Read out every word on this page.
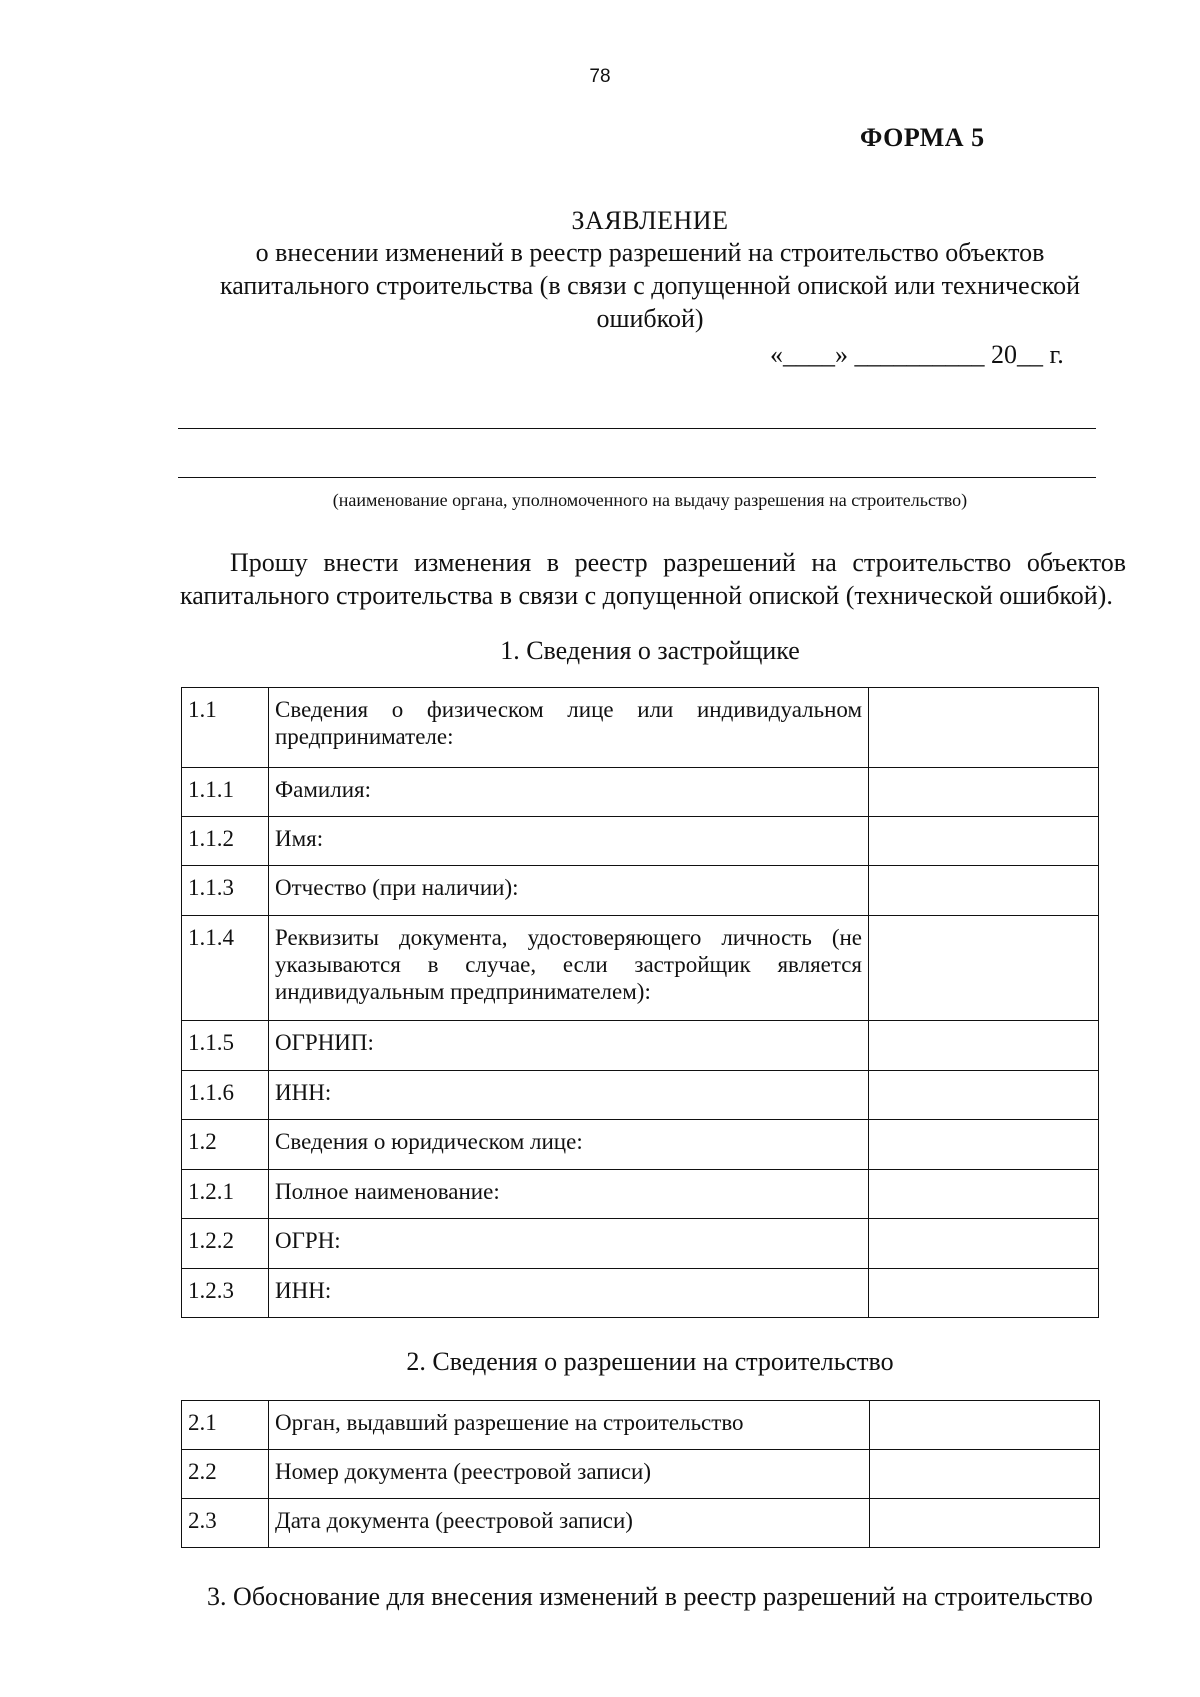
78
ФОРМА 5
ЗАЯВЛЕНИЕ
о внесении изменений в реестр разрешений на строительство объектов капитального строительства (в связи с допущенной опиской или технической ошибкой)
«____» __________ 20__ г.
(наименование органа, уполномоченного на выдачу разрешения на строительство)
Прошу внести изменения в реестр разрешений на строительство объектов капитального строительства в связи с допущенной опиской (технической ошибкой).
1. Сведения о застройщике
1.1	Сведения о физическом лице или индивидуальном предпринимателе:	
1.1.1	Фамилия:	
1.1.2	Имя:	
1.1.3	Отчество (при наличии):	
1.1.4	Реквизиты документа, удостоверяющего личность (не указываются в случае, если застройщик является индивидуальным предпринимателем):	
1.1.5	ОГРНИП:	
1.1.6	ИНН:	
1.2	Сведения о юридическом лице:	
1.2.1	Полное наименование:	
1.2.2	ОГРН:	
1.2.3	ИНН:	
2. Сведения о разрешении на строительство
2.1	Орган, выдавший разрешение на строительство	
2.2	Номер документа (реестровой записи)	
2.3	Дата документа (реестровой записи)	
3. Обоснование для внесения изменений в реестр разрешений на строительство
